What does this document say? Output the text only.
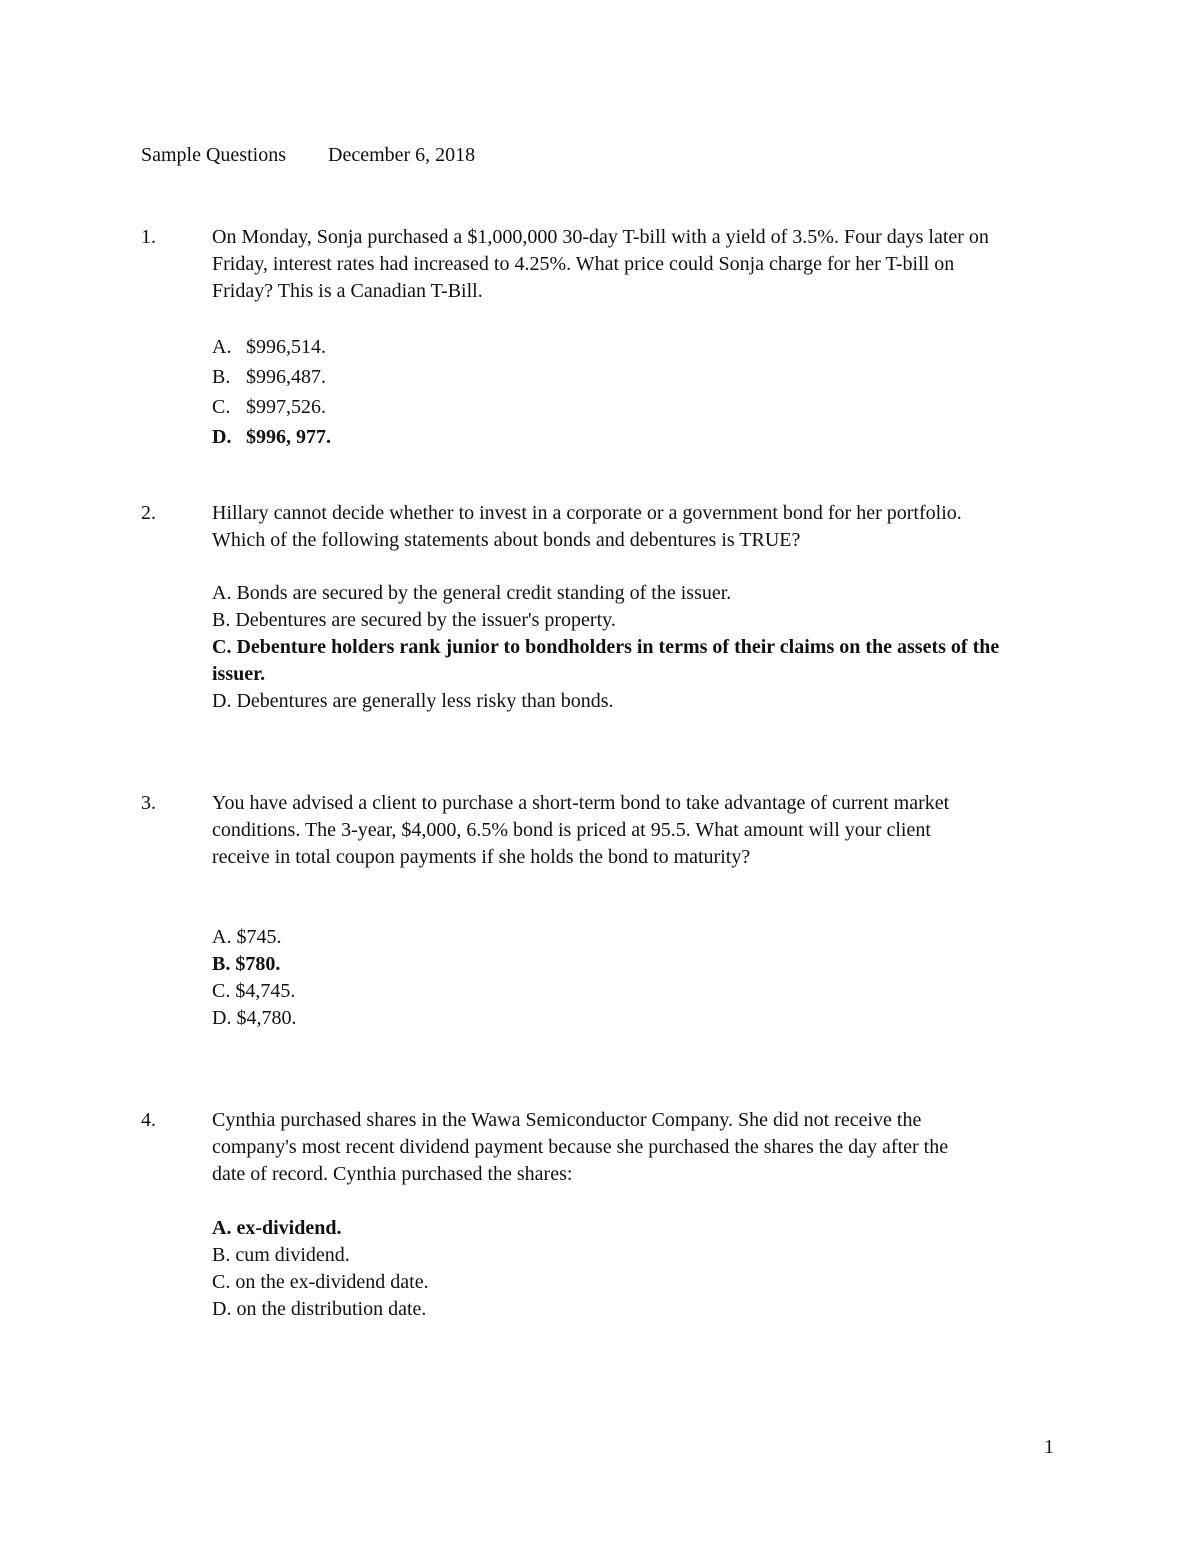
Sample Questions December 6, 2018
1.	On Monday, Sonja purchased a $1,000,000 30-day T-bill with a yield of 3.5%. Four days later on Friday, interest rates had increased to 4.25%. What price could Sonja charge for her T-bill on Friday? This is a Canadian T-Bill.
A. $996,514.
B. $996,487.
C. $997,526.
D. $996, 977.
2.	Hillary cannot decide whether to invest in a corporate or a government bond for her portfolio. Which of the following statements about bonds and debentures is TRUE?
A. Bonds are secured by the general credit standing of the issuer.
B. Debentures are secured by the issuer's property.
C. Debenture holders rank junior to bondholders in terms of their claims on the assets of the issuer.
D. Debentures are generally less risky than bonds.
3.	You have advised a client to purchase a short-term bond to take advantage of current market conditions. The 3-year, $4,000, 6.5% bond is priced at 95.5. What amount will your client receive in total coupon payments if she holds the bond to maturity?
A. $745.
B. $780.
C. $4,745.
D. $4,780.
4.	Cynthia purchased shares in the Wawa Semiconductor Company. She did not receive the company's most recent dividend payment because she purchased the shares the day after the date of record. Cynthia purchased the shares:
A. ex-dividend.
B. cum dividend.
C. on the ex-dividend date.
D. on the distribution date.
1
